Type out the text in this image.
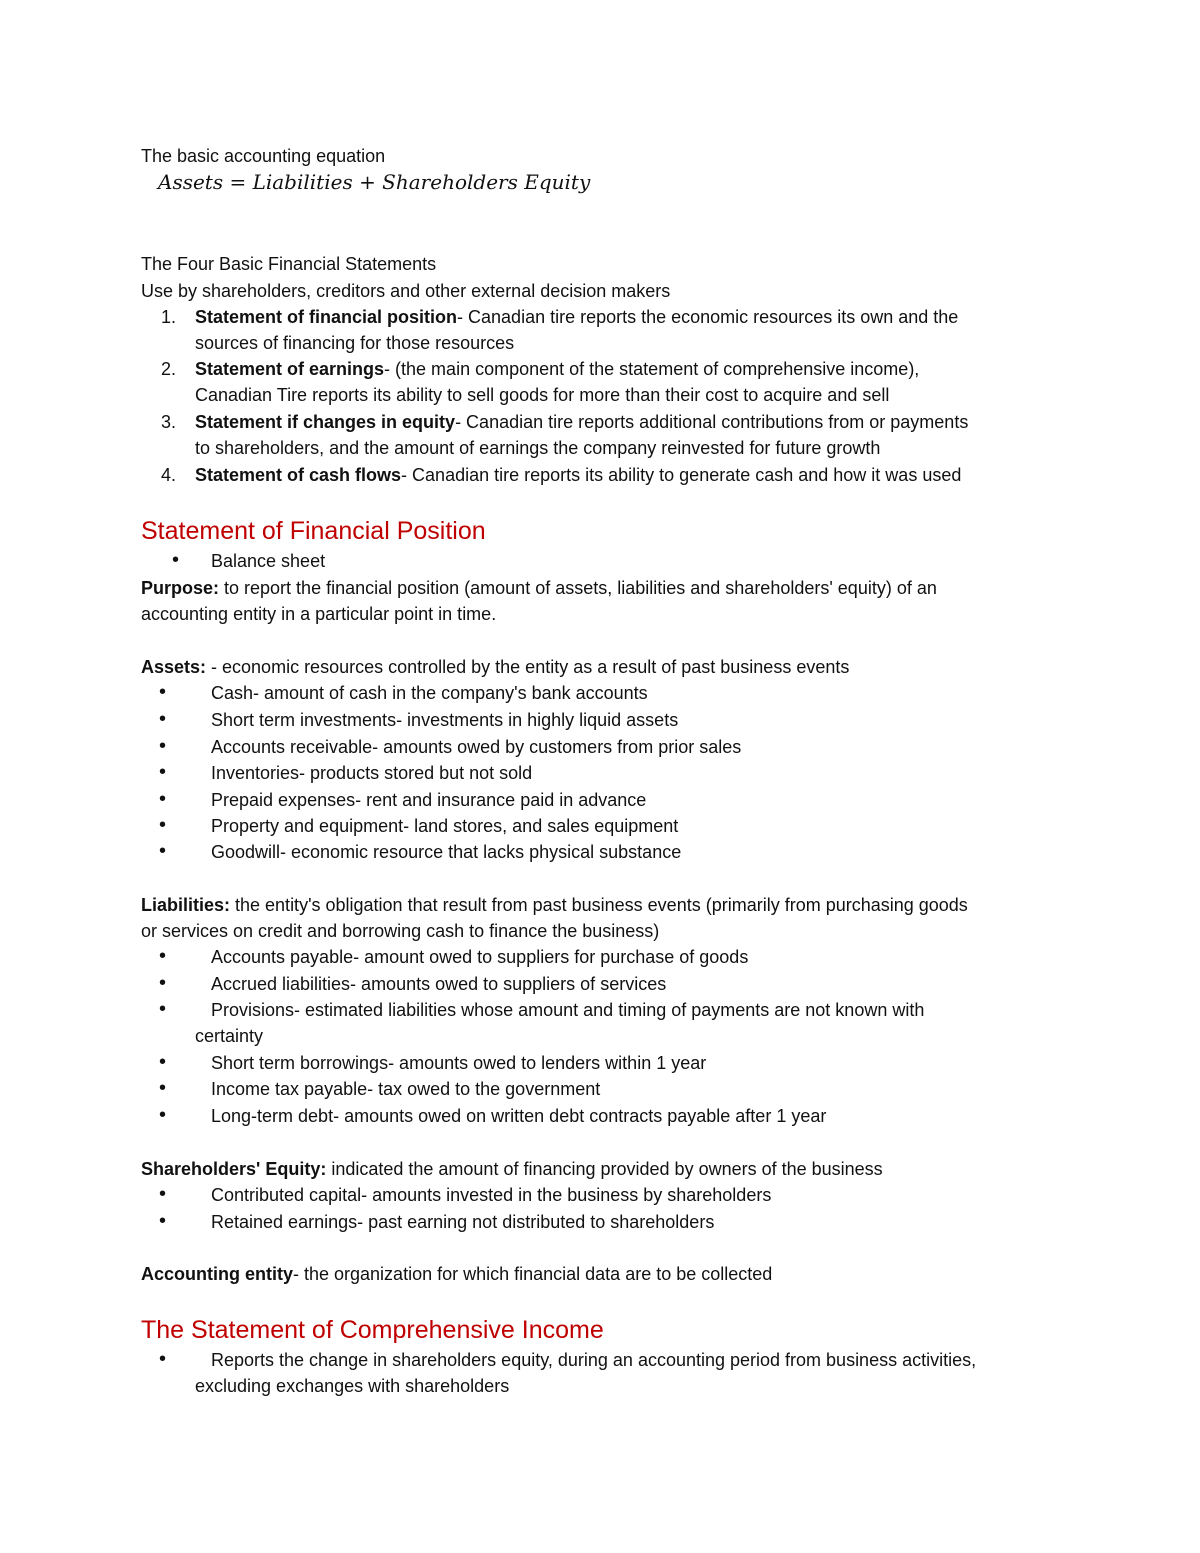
The basic accounting equation
Assets = Liabilities + Shareholders Equity
The Four Basic Financial Statements
Use by shareholders, creditors and other external decision makers
1. Statement of financial position- Canadian tire reports the economic resources its own and the
sources of financing for those resources
2. Statement of earnings- (the main component of the statement of comprehensive income),
Canadian Tire reports its ability to sell goods for more than their cost to acquire and sell
3. Statement if changes in equity- Canadian tire reports additional contributions from or payments
to shareholders, and the amount of earnings the company reinvested for future growth
4. Statement of cash flows- Canadian tire reports its ability to generate cash and how it was used
Statement of Financial Position
• Balance sheet
Purpose: to report the financial position (amount of assets, liabilities and shareholders' equity) of an
accounting entity in a particular point in time.
Assets: - economic resources controlled by the entity as a result of past business events
• Cash- amount of cash in the company's bank accounts
• Short term investments- investments in highly liquid assets
• Accounts receivable- amounts owed by customers from prior sales
• Inventories- products stored but not sold
• Prepaid expenses- rent and insurance paid in advance
• Property and equipment- land stores, and sales equipment
• Goodwill- economic resource that lacks physical substance
Liabilities: the entity's obligation that result from past business events (primarily from purchasing goods
or services on credit and borrowing cash to finance the business)
• Accounts payable- amount owed to suppliers for purchase of goods
• Accrued liabilities- amounts owed to suppliers of services
• Provisions- estimated liabilities whose amount and timing of payments are not known with
certainty
• Short term borrowings- amounts owed to lenders within 1 year
• Income tax payable- tax owed to the government
• Long-term debt- amounts owed on written debt contracts payable after 1 year
Shareholders' Equity: indicated the amount of financing provided by owners of the business
• Contributed capital- amounts invested in the business by shareholders
• Retained earnings- past earning not distributed to shareholders
Accounting entity- the organization for which financial data are to be collected
The Statement of Comprehensive Income
• Reports the change in shareholders equity, during an accounting period from business activities,
excluding exchanges with shareholders
